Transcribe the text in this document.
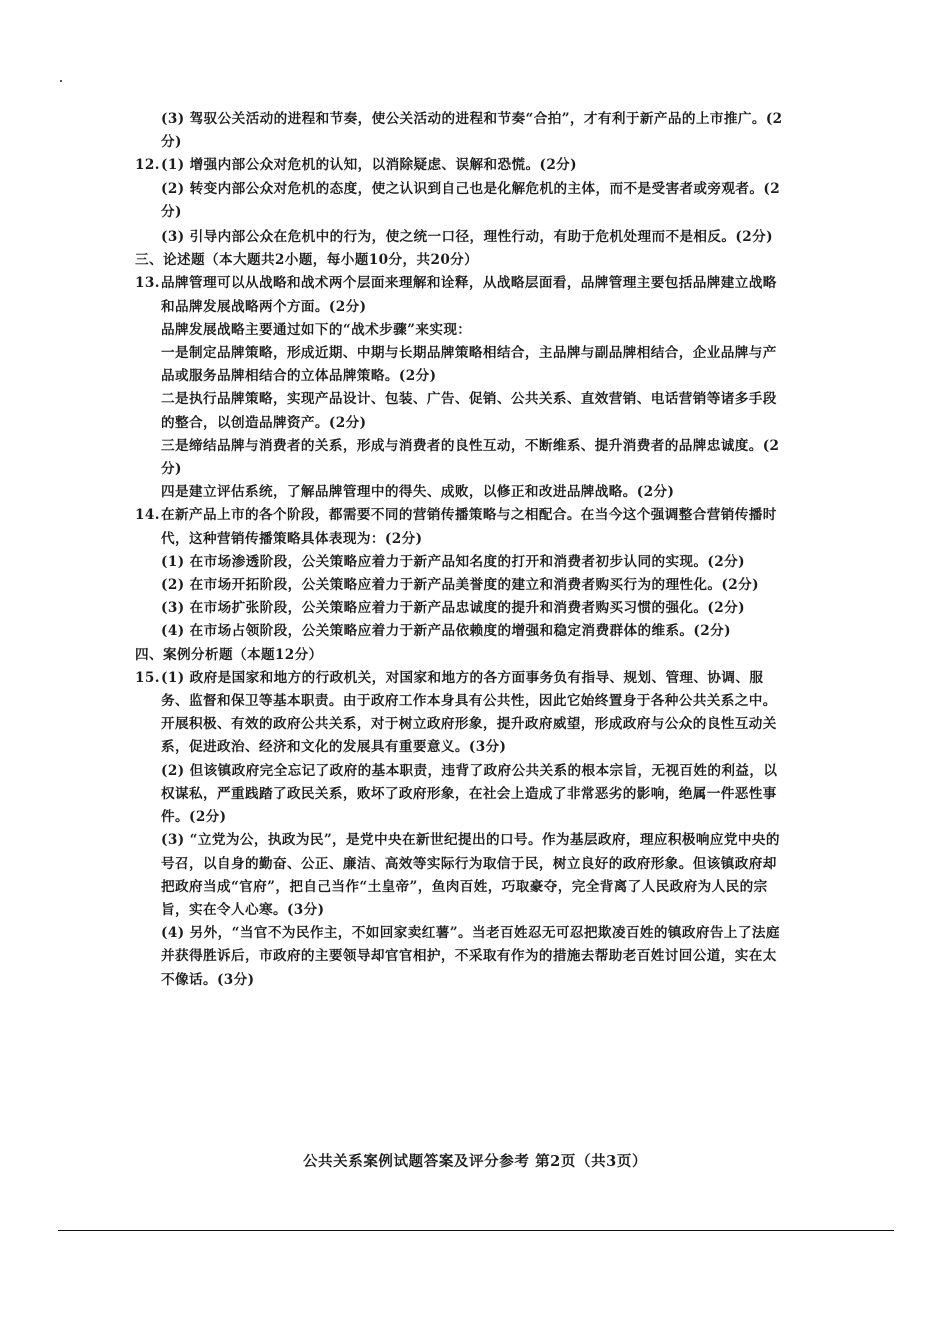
(3) 驾驭公关活动的进程和节奏，使公关活动的进程和节奏“合拍”，才有利于新产品的上市推广。(2分)

12. (1) 增强内部公众对危机的认知，以消除疑虑、误解和恐慌。(2分)

(2) 转变内部公众对危机的态度，使之认识到自己也是化解危机的主体，而不是受害者或旁观者。(2分)

(3) 引导内部公众在危机中的行为，使之统一口径，理性行动，有助于危机处理而不是相反。(2分)

三、论述题（本大题共2小题，每小题10分，共20分）

13. 品牌管理可以从战略和战术两个层面来理解和诠释，从战略层面看，品牌管理主要包括品牌建立战略和品牌发展战略两个方面。(2分)

品牌发展战略主要通过如下的“战术步骤”来实现：

一是制定品牌策略，形成近期、中期与长期品牌策略相结合，主品牌与副品牌相结合，企业品牌与产品或服务品牌相结合的立体品牌策略。(2分)

二是执行品牌策略，实现产品设计、包装、广告、促销、公共关系、直效营销、电话营销等诸多手段的整合，以创造品牌资产。(2分)

三是缔结品牌与消费者的关系，形成与消费者的良性互动，不断维系、提升消费者的品牌忠诚度。(2分)

四是建立评估系统，了解品牌管理中的得失、成败，以修正和改进品牌战略。(2分)

14. 在新产品上市的各个阶段，都需要不同的营销传播策略与之相配合。在当今这个强调整合营销传播时代，这种营销传播策略具体表现为：(2分)

(1) 在市场渗透阶段，公关策略应着力于新产品知名度的打开和消费者初步认同的实现。(2分)

(2) 在市场开拓阶段，公关策略应着力于新产品美誉度的建立和消费者购买行为的理性化。(2分)

(3) 在市场扩张阶段，公关策略应着力于新产品忠诚度的提升和消费者购买习惯的强化。(2分)

(4) 在市场占领阶段，公关策略应着力于新产品依赖度的增强和稳定消费群体的维系。(2分)

四、案例分析题（本题12分）

15. (1) 政府是国家和地方的行政机关，对国家和地方的各方面事务负有指导、规划、管理、协调、服务、监督和保卫等基本职责。由于政府工作本身具有公共性，因此它始终置身于各种公共关系之中。开展积极、有效的政府公共关系，对于树立政府形象，提升政府威望，形成政府与公众的良性互动关系，促进政治、经济和文化的发展具有重要意义。(3分)

(2) 但该镇政府完全忘记了政府的基本职责，违背了政府公共关系的根本宗旨，无视百姓的利益，以权谋私，严重践踏了政民关系，败坏了政府形象，在社会上造成了非常恶劣的影响，绝属一件恶性事件。(2分)

(3) “立党为公，执政为民”，是党中央在新世纪提出的口号。作为基层政府，理应积极响应党中央的号召，以自身的勤奋、公正、廉洁、高效等实际行为取信于民，树立良好的政府形象。但该镇政府却把政府当成“官府”，把自己当作“土皇帝”，鱼肉百姓，巧取豪夺，完全背离了人民政府为人民的宗旨，实在令人心寒。(3分)

(4) 另外，“当官不为民作主，不如回家卖红薯”。当老百姓忍无可忍把欺凌百姓的镇政府告上了法庭并获得胜诉后，市政府的主要领导却官官相护，不采取有作为的措施去帮助老百姓讨回公道，实在太不像话。(3分)

公共关系案例试题答案及评分参考 第2页（共3页）
